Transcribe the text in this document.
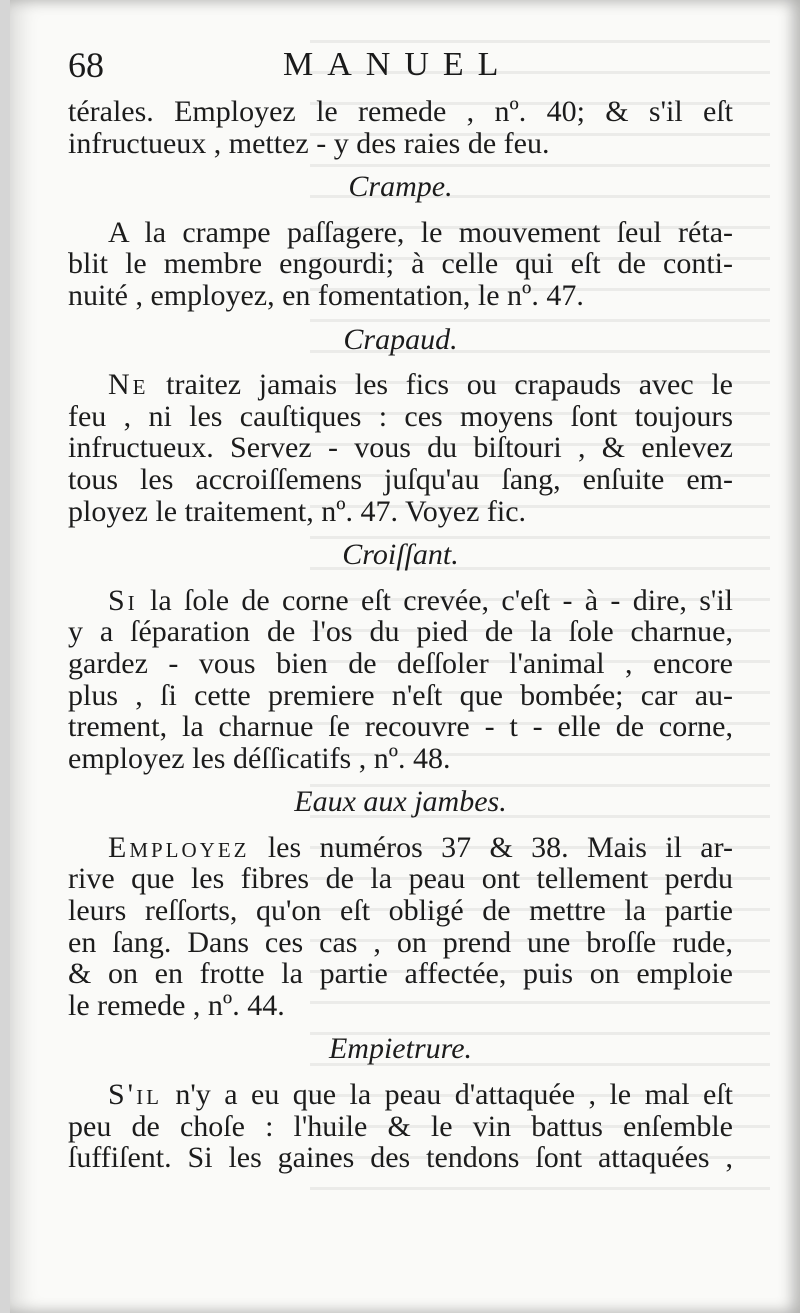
68	MANUEL

térales. Employez le remede , nº. 40; & s'il eſt
infructueux , mettez - y des raies de feu.

Crampe.

A la crampe paſſagere, le mouvement ſeul réta-
blit le membre engourdi; à celle qui eſt de conti-
nuité , employez, en fomentation, le nº. 47.

Crapaud.

Ne traitez jamais les fics ou crapauds avec le
feu , ni les cauſtiques : ces moyens ſont toujours
infructueux. Servez - vous du biſtouri , & enlevez
tous les accroiſſemens juſqu'au ſang, enſuite em-
ployez le traitement, nº. 47. Voyez fic.

Croiſſant.

Si la ſole de corne eſt crevée, c'eſt - à - dire, s'il
y a ſéparation de l'os du pied de la ſole charnue,
gardez - vous bien de deſſoler l'animal , encore
plus , ſi cette premiere n'eſt que bombée; car au-
trement, la charnue ſe recouvre - t - elle de corne,
employez les déſſicatifs , nº. 48.

Eaux aux jambes.

Employez les numéros 37 & 38. Mais il ar-
rive que les fibres de la peau ont tellement perdu
leurs reſſorts, qu'on eſt obligé de mettre la partie
en ſang. Dans ces cas , on prend une broſſe rude,
& on en frotte la partie affectée, puis on emploie
le remede , nº. 44.

Empietrure.

S'il n'y a eu que la peau d'attaquée , le mal eſt
peu de choſe : l'huile & le vin battus enſemble
ſuffiſent. Si les gaines des tendons ſont attaquées ,
